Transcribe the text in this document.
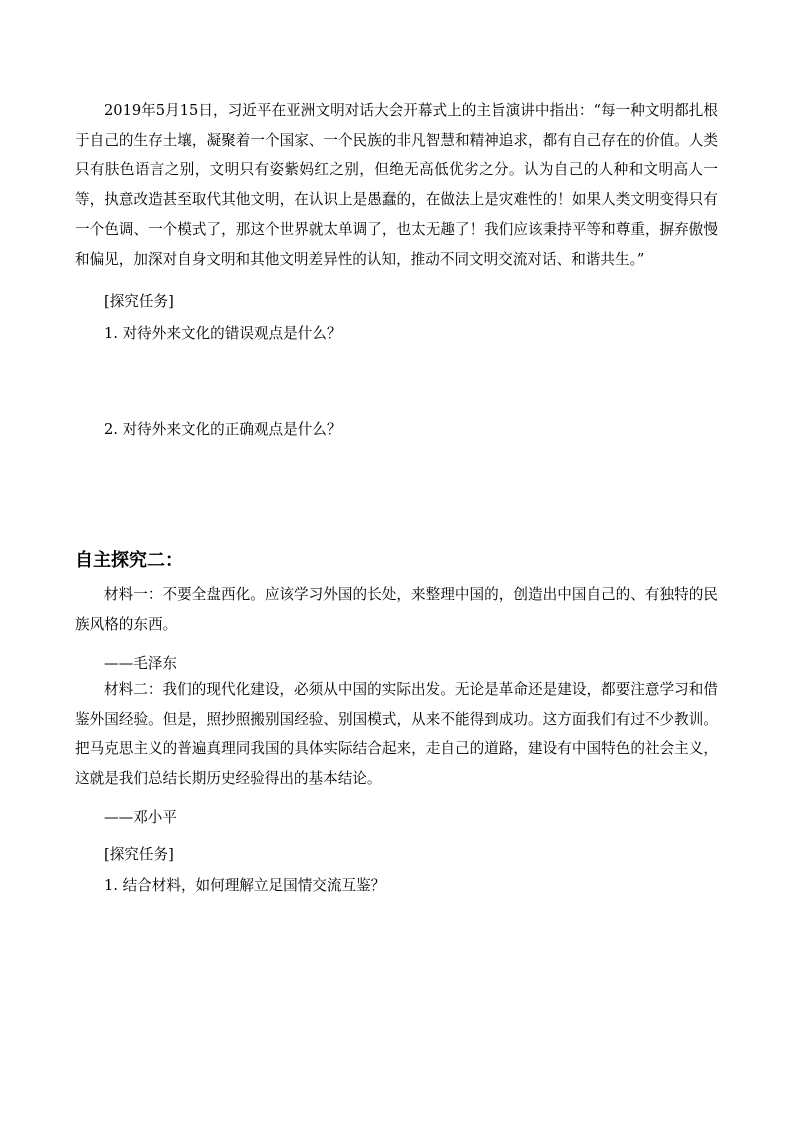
2019年5月15日，习近平在亚洲文明对话大会开幕式上的主旨演讲中指出：“每一种文明都扎根于自己的生存土壤，凝聚着一个国家、一个民族的非凡智慧和精神追求，都有自己存在的价值。人类只有肤色语言之别，文明只有姿紫妈红之别，但绝无高低优劣之分。认为自己的人种和文明高人一等，执意改造甚至取代其他文明，在认识上是愚蠢的，在做法上是灾难性的！如果人类文明变得只有一个色调、一个模式了，那这个世界就太单调了，也太无趣了！我们应该秉持平等和尊重，摒弃傲慢和偏见，加深对自身文明和其他文明差异性的认知，推动不同文明交流对话、和谐共生。”

[探究任务]

1. 对待外来文化的错误观点是什么？

2. 对待外来文化的正确观点是什么？

自主探究二：

材料一：不要全盘西化。应该学习外国的长处，来整理中国的，创造出中国自己的、有独特的民族风格的东西。

——毛泽东

材料二：我们的现代化建设，必须从中国的实际出发。无论是革命还是建设，都要注意学习和借鉴外国经验。但是，照抄照搬别国经验、别国模式，从来不能得到成功。这方面我们有过不少教训。把马克思主义的普遍真理同我国的具体实际结合起来，走自己的道路，建设有中国特色的社会主义，这就是我们总结长期历史经验得出的基本结论。

——邓小平

[探究任务]

1. 结合材料，如何理解立足国情交流互鉴？
